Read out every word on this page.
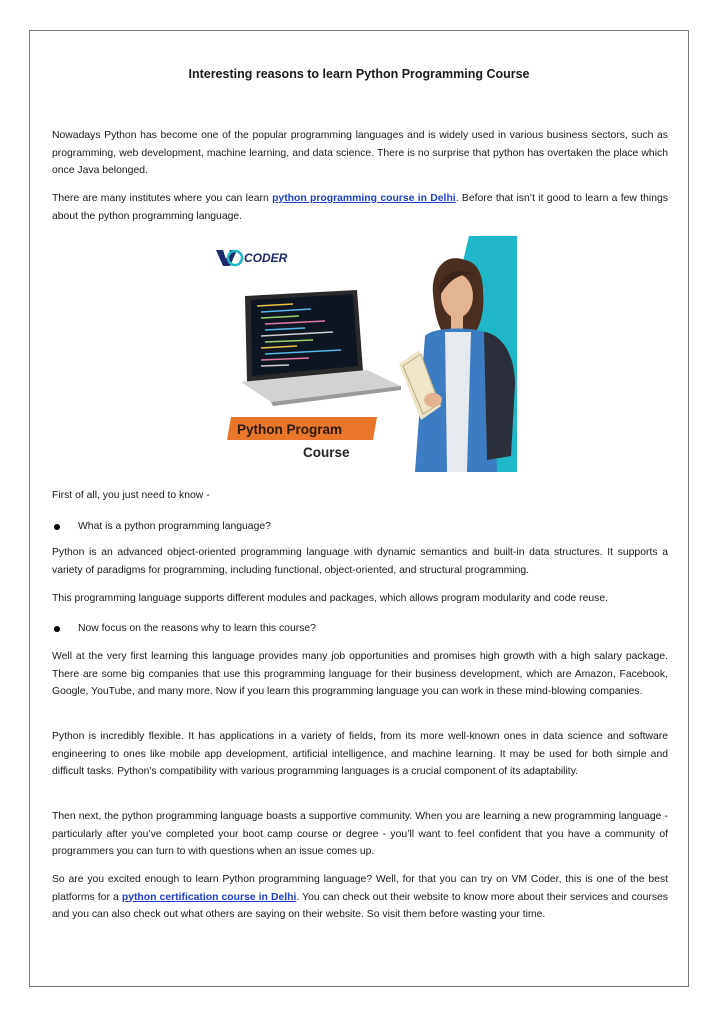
Interesting reasons to learn Python Programming Course

Nowadays Python has become one of the popular programming languages and is widely used in various business sectors, such as programming, web development, machine learning, and data science. There is no surprise that python has overtaken the place which once Java belonged.

There are many institutes where you can learn python programming course in Delhi. Before that isn’t it good to learn a few things about the python programming language.

CODER
Python Program
Course

First of all, you just need to know -

What is a python programming language?

Python is an advanced object-oriented programming language with dynamic semantics and built-in data structures. It supports a variety of paradigms for programming, including functional, object-oriented, and structural programming.

This programming language supports different modules and packages, which allows program modularity and code reuse.

Now focus on the reasons why to learn this course?

Well at the very first learning this language provides many job opportunities and promises high growth with a high salary package. There are some big companies that use this programming language for their business development, which are Amazon, Facebook, Google, YouTube, and many more. Now if you learn this programming language you can work in these mind-blowing companies.

Python is incredibly flexible. It has applications in a variety of fields, from its more well-known ones in data science and software engineering to ones like mobile app development, artificial intelligence, and machine learning. It may be used for both simple and difficult tasks. Python's compatibility with various programming languages is a crucial component of its adaptability.

Then next, the python programming language boasts a supportive community. When you are learning a new programming language - particularly after you’ve completed your boot camp course or degree - you’ll want to feel confident that you have a community of programmers you can turn to with questions when an issue comes up.

So are you excited enough to learn Python programming language? Well, for that you can try on VM Coder, this is one of the best platforms for a python certification course in Delhi. You can check out their website to know more about their services and courses and you can also check out what others are saying on their website. So visit them before wasting your time.
